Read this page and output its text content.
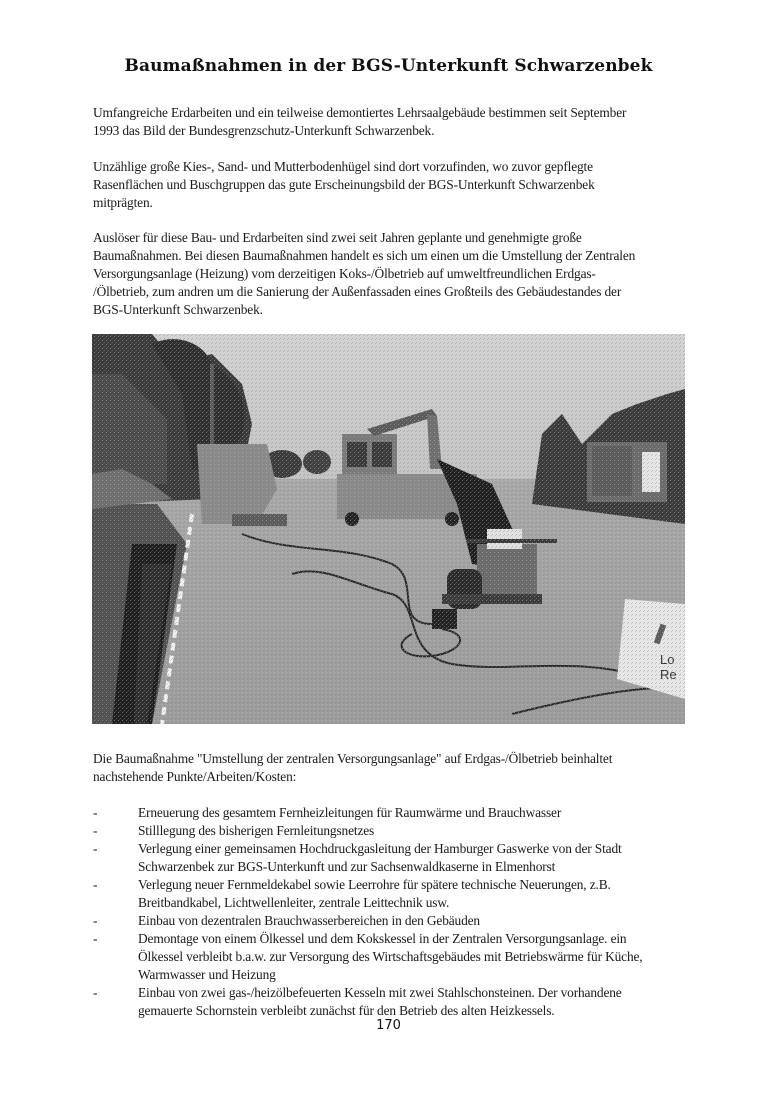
Baumaßnahmen in der BGS-Unterkunft Schwarzenbek

Umfangreiche Erdarbeiten und ein teilweise demontiertes Lehrsaalgebäude bestimmen seit September
1993 das Bild der Bundesgrenzschutz-Unterkunft Schwarzenbek.

Unzählige große Kies-, Sand- und Mutterbodenhügel sind dort vorzufinden, wo zuvor gepflegte
Rasenflächen und Buschgruppen das gute Erscheinungsbild der BGS-Unterkunft Schwarzenbek
mitprägten.

Auslöser für diese Bau- und Erdarbeiten sind zwei seit Jahren geplante und genehmigte große
Baumaßnahmen. Bei diesen Baumaßnahmen handelt es sich um einen um die Umstellung der Zentralen
Versorgungsanlage (Heizung) vom derzeitigen Koks-/Ölbetrieb auf umweltfreundlichen Erdgas-
/Ölbetrieb, zum andren um die Sanierung der Außenfassaden eines Großteils des Gebäudestandes der
BGS-Unterkunft Schwarzenbek.

Die Baumaßnahme "Umstellung der zentralen Versorgungsanlage" auf Erdgas-/Ölbetrieb beinhaltet
nachstehende Punkte/Arbeiten/Kosten:

-	Erneuerung des gesamtem Fernheizleitungen für Raumwärme und Brauchwasser
-	Stilllegung des bisherigen Fernleitungsnetzes
-	Verlegung einer gemeinsamen Hochdruckgasleitung der Hamburger Gaswerke von der Stadt
Schwarzenbek zur BGS-Unterkunft und zur Sachsenwaldkaserne in Elmenhorst
-	Verlegung neuer Fernmeldekabel sowie Leerrohre für spätere technische Neuerungen, z.B.
Breitbandkabel, Lichtwellenleiter, zentrale Leittechnik usw.
-	Einbau von dezentralen Brauchwasserbereichen in den Gebäuden
-	Demontage von einem Ölkessel und dem Kokskessel in der Zentralen Versorgungsanlage. ein
Ölkessel verbleibt b.a.w. zur Versorgung des Wirtschaftsgebäudes mit Betriebswärme für Küche,
Warmwasser und Heizung
-	Einbau von zwei gas-/heizölbefeuerten Kesseln mit zwei Stahlschonsteinen. Der vorhandene
gemauerte Schornstein verbleibt zunächst für den Betrieb des alten Heizkessels.
170
